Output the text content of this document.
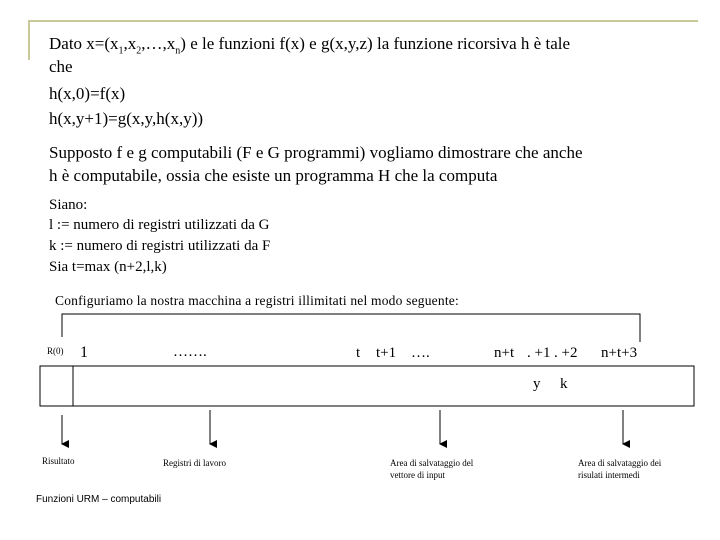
Dato $x=(x_1,x_2,\dots,x_n)$ e le funzioni f(x) e g(x,y,z) la funzione ricorsiva h è tale
che
h(x,0)=f(x)
h(x,y+1)=g(x,y,h(x,y))
Supposto f e g computabili (F e G programmi) vogliamo dimostrare che anche
h è computabile, ossia che esiste un programma H che la computa
Siano:
l := numero di registri utilizzati da G
k := numero di registri utilizzati da F
Sia t=max (n+2,l,k)
Configuriamo la nostra macchina a registri illimitati nel modo seguente:
R(0) 1	…….	t t+1 ….	n+t . +1 . +2 n+t+3
y k
Risultato	Registri di lavoro	Area di salvataggio del
vettore di input
Area di salvataggio dei
risulati intermedi
Funzioni URM – computabili
